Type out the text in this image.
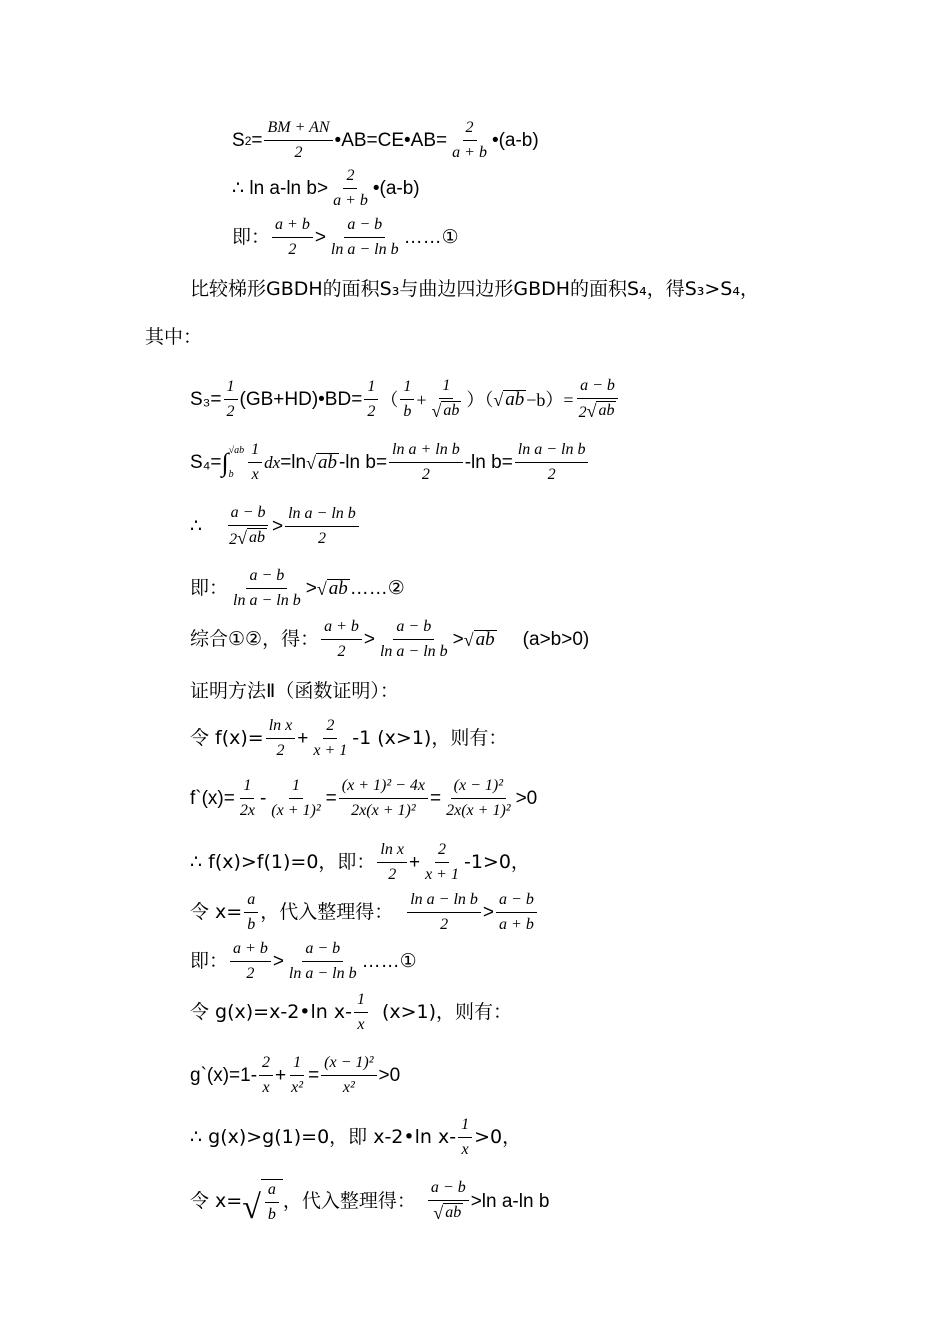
S $2 = \frac{BM + AN}{2}$ •AB=CE•AB= $\frac{2}{a + b}$ •(a-b)
∴ ln a-ln $b> \frac{2}{a + b}$ •(a-b)
即： $\frac{a + b}{2} > \frac{a - b}{\text{ln a − ln b}}$ ……①
比较梯形GBDH的面积S₃与曲边四边形GBDH的面积S₄，得S₃>S₄，
其中：
$S_3= \frac{1}{2}$ (GB+HD)•BD= $\frac{1}{2}$ （ $\frac{1}{b} + \frac{1}{√ ab}$ ）（ √ ab $-b)= \frac{a - b}{2 √ ab}$
S₄= ∫ √ab
b $\frac{1}{x}$ dx =ln √ ab -ln $b= \frac{\text{ln a + ln b}}{2} -\ln$ $b= \frac{\text{ln a − ln b}}{2}$
∴ $\frac{a - b}{2 √ ab} > \frac{\text{ln a − ln b}}{2}$
即： $\frac{a - b}{\text{ln a − ln b}}$ > √ ab ……②
综合①②，得： $\frac{a + b}{2} > \frac{a - b}{\text{ln a − ln b}}$ > √ ab (a>b>0)
证明方法Ⅱ（函数证明）：
令 $f(x)= \frac{\text{ln x}}{2} + \frac{2}{x + 1} -1$ (x>1)，则有：
f`(x)= $\frac{1}{2x} - \frac{1}{\text{(x + 1)²}} = \frac{\text{(x + 1)² − 4x}}{\text{2x(x + 1)²}} = \frac{\text{(x − 1)²}}{\text{2x(x + 1)²}} >0$
∴ f(x)>f(1)=0，即： $\frac{\text{ln x}}{2} + \frac{2}{x + 1} -1>0$，
令 $x= \frac{a}{b}$ ，代入整理得： $\frac{\text{ln a − ln b}}{2} > \frac{a - b}{a + b}$
即： $\frac{a + b}{2} > \frac{a - b}{\text{ln a − ln b}}$ ……①
令 g(x)=x-2•ln $x- \frac{1}{x} (x>1)$，则有：
g`(x)=1- $\frac{2}{x} + \frac{1}{\text{x²}} = \frac{\text{(x − 1)²}}{\text{x²}} >0$
∴ g(x)>g(1)=0，即 x-2•ln $x- \frac{1}{x} >0$，
令 x= √ $\frac{a}{b}$ ，代入整理得： $\frac{a - b}{√ ab} >\ln$ a-ln b
